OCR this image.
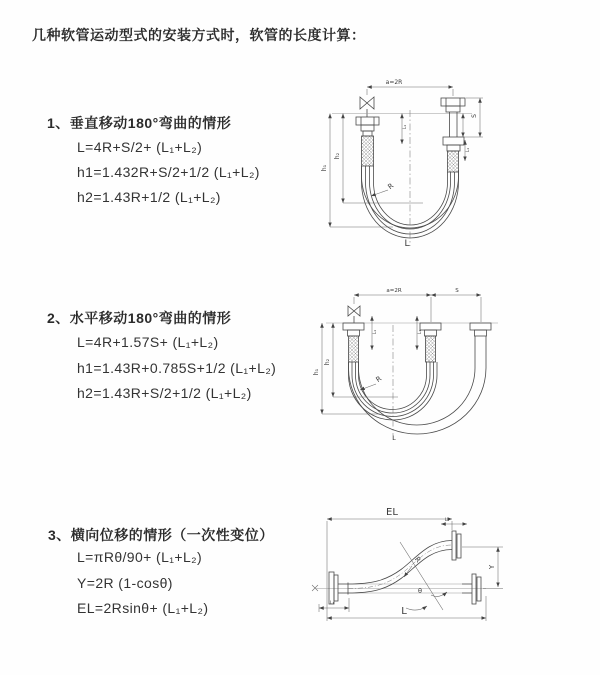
几种软管运动型式的安装方式时，软管的长度计算：
1、垂直移动180°弯曲的情形
L=4R+S/2+ (L₁+L₂)
h1=1.432R+S/2+1/2 (L₁+L₂)
h2=1.43R+1/2 (L₁+L₂)
2、水平移动180°弯曲的情形
L=4R+1.57S+ (L₁+L₂)
h1=1.43R+0.785S+1/2 (L₁+L₂)
h2=1.43R+S/2+1/2 (L₁+L₂)
3、横向位移的情形（一次性变位）
L=πRθ/90+ (L₁+L₂)
Y=2R (1-cosθ)
EL=2Rsinθ+ (L₁+L₂)
a=2R
L₁
S
L₁
h₁
h₂
R
L
a=2R	S
L₁	L₁
h₁
h₂
R
L
EL
L₁
θ
R
Y
L₁
L
